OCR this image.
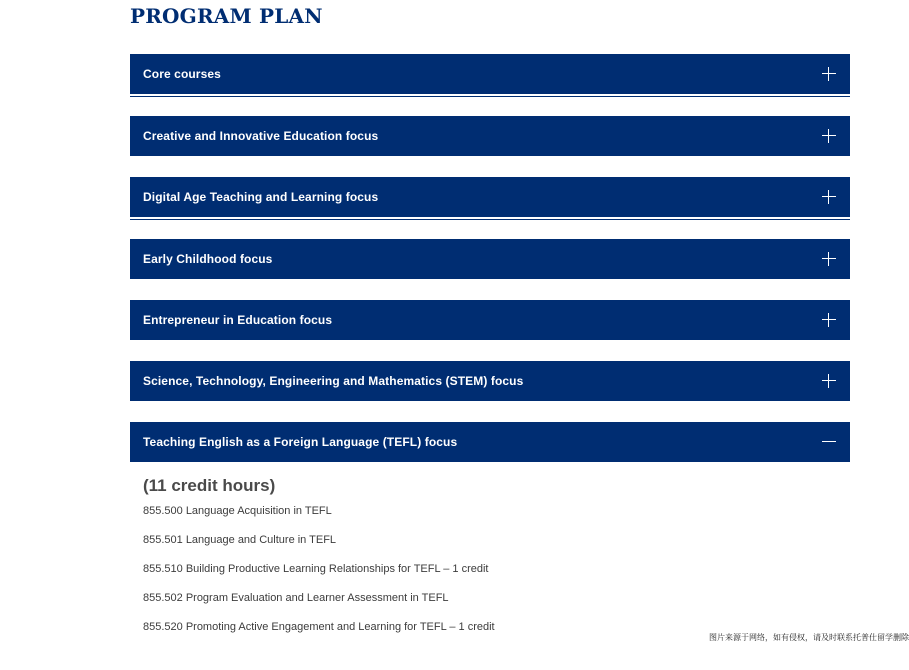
PROGRAM PLAN
Core courses
Creative and Innovative Education focus
Digital Age Teaching and Learning focus
Early Childhood focus
Entrepreneur in Education focus
Science, Technology, Engineering and Mathematics (STEM) focus
Teaching English as a Foreign Language (TEFL) focus

(11 credit hours)

855.500 Language Acquisition in TEFL
855.501 Language and Culture in TEFL
855.510 Building Productive Learning Relationships for TEFL – 1 credit
855.502 Program Evaluation and Learner Assessment in TEFL
855.520 Promoting Active Engagement and Learning for TEFL – 1 credit
图片来源于网络，如有侵权，请及时联系托普仕留学删除
